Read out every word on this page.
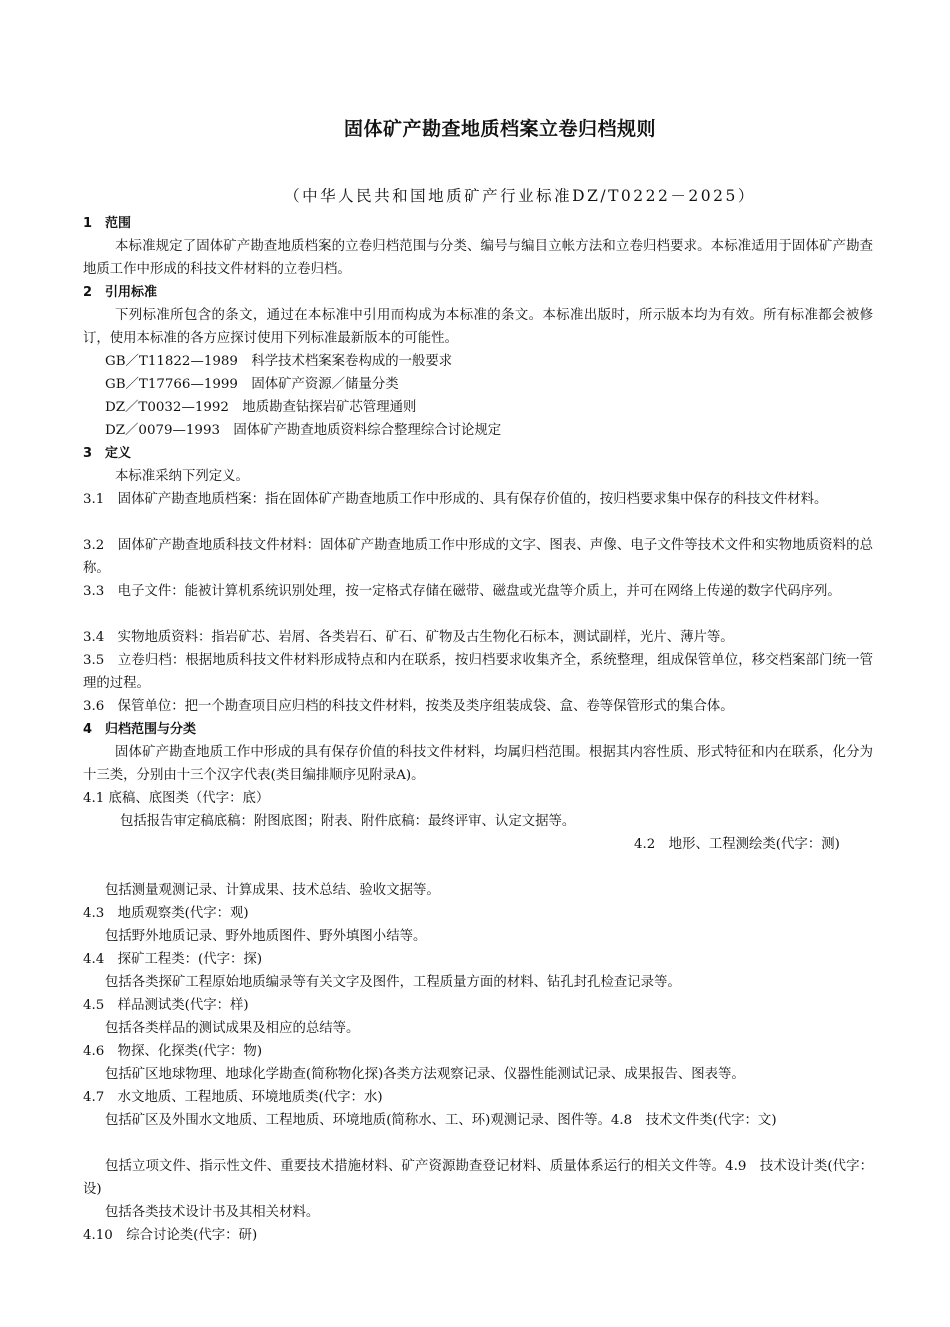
固体矿产勘查地质档案立卷归档规则
（中华人民共和国地质矿产行业标准DZ/T0222－2025）
1 范围
本标准规定了固体矿产勘查地质档案的立卷归档范围与分类、编号与编目立帐方法和立卷归档要求。本标准适用于固体矿产勘查地质工作中形成的科技文件材料的立卷归档。
2 引用标准
下列标准所包含的条文，通过在本标准中引用而构成为本标准的条文。本标准出版时，所示版本均为有效。所有标准都会被修订，使用本标准的各方应探讨使用下列标准最新版本的可能性。
GB／T11822—1989　科学技术档案案卷构成的一般要求
GB／T17766—1999　固体矿产资源／储量分类
DZ／T0032—1992　地质勘查钻探岩矿芯管理通则
DZ／0079—1993　固体矿产勘查地质资料综合整理综合讨论规定
3 定义
本标准采纳下列定义。
3.1　固体矿产勘查地质档案：指在固体矿产勘查地质工作中形成的、具有保存价值的，按归档要求集中保存的科技文件材料。
3.2　固体矿产勘查地质科技文件材料：固体矿产勘查地质工作中形成的文字、图表、声像、电子文件等技术文件和实物地质资料的总称。
3.3　电子文件：能被计算机系统识别处理，按一定格式存储在磁带、磁盘或光盘等介质上，并可在网络上传递的数字代码序列。
3.4　实物地质资料：指岩矿芯、岩屑、各类岩石、矿石、矿物及古生物化石标本，测试副样，光片、薄片等。
3.5　立卷归档：根据地质科技文件材料形成特点和内在联系，按归档要求收集齐全，系统整理，组成保管单位，移交档案部门统一管理的过程。
3.6　保管单位：把一个勘查项目应归档的科技文件材料，按类及类序组装成袋、盒、卷等保管形式的集合体。
4 归档范围与分类
固体矿产勘查地质工作中形成的具有保存价值的科技文件材料，均属归档范围。根据其内容性质、形式特征和内在联系，化分为十三类，分别由十三个汉字代表(类目编排顺序见附录A)。
4.1 底稿、底图类（代字：底）
包括报告审定稿底稿：附图底图；附表、附件底稿：最终评审、认定文据等。
4.2　地形、工程测绘类(代字：测)
包括测量观测记录、计算成果、技术总结、验收文据等。
4.3　地质观察类(代字：观)
包括野外地质记录、野外地质图件、野外填图小结等。
4.4　探矿工程类：(代字：探)
包括各类探矿工程原始地质编录等有关文字及图件，工程质量方面的材料、钻孔封孔检查记录等。
4.5　样品测试类(代字：样)
包括各类样品的测试成果及相应的总结等。
4.6　物探、化探类(代字：物)
包括矿区地球物理、地球化学勘查(简称物化探)各类方法观察记录、仪器性能测试记录、成果报告、图表等。
4.7　水文地质、工程地质、环境地质类(代字：水)
包括矿区及外围水文地质、工程地质、环境地质(简称水、工、环)观测记录、图件等。4.8　技术文件类(代字：文)
包括立项文件、指示性文件、重要技术措施材料、矿产资源勘查登记材料、质量体系运行的相关文件等。4.9　技术设计类(代字：设)
包括各类技术设计书及其相关材料。
4.10　综合讨论类(代字：研)
